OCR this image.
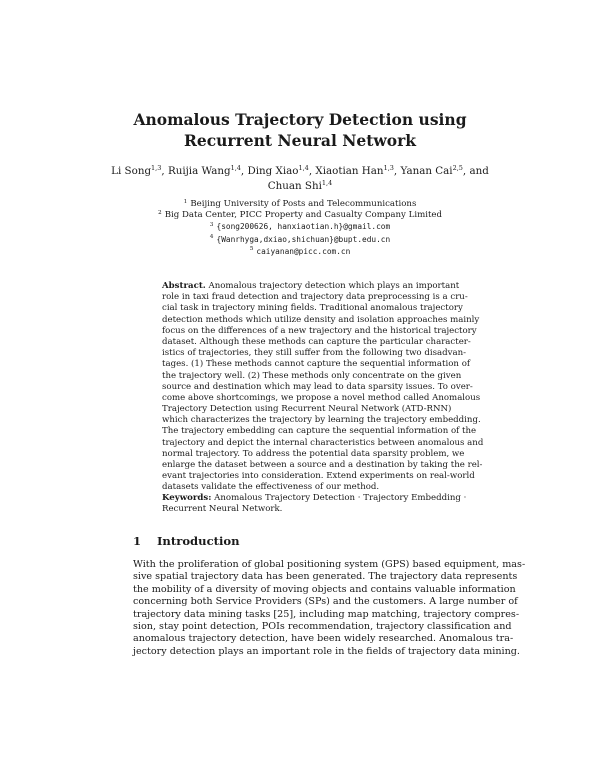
Anomalous Trajectory Detection using
Recurrent Neural Network
Li Song$^{1,3}$, Ruijia Wang$^{1,4}$, Ding Xiao$^{1,4}$, Xiaotian Han$^{1,3}$, Yanan Cai$^{2,5}$, and
Chuan Shi$^{1,4}$
$^1$ Beijing University of Posts and Telecommunications
$^2$ Big Data Center, PICC Property and Casualty Company Limited
$^3$ {song200626, hanxiaotian.h}@gmail.com
$^4$ {Wanrhyga,dxiao,shichuan}@bupt.edu.cn
$^5$ caiyanan@picc.com.cn
Abstract. Anomalous trajectory detection which plays an important
role in taxi fraud detection and trajectory data preprocessing is a cru-
cial task in trajectory mining fields. Traditional anomalous trajectory
detection methods which utilize density and isolation approaches mainly
focus on the differences of a new trajectory and the historical trajectory
dataset. Although these methods can capture the particular character-
istics of trajectories, they still suffer from the following two disadvan-
tages. (1) These methods cannot capture the sequential information of
the trajectory well. (2) These methods only concentrate on the given
source and destination which may lead to data sparsity issues. To over-
come above shortcomings, we propose a novel method called Anomalous
Trajectory Detection using Recurrent Neural Network (ATD-RNN)
which characterizes the trajectory by learning the trajectory embedding.
The trajectory embedding can capture the sequential information of the
trajectory and depict the internal characteristics between anomalous and
normal trajectory. To address the potential data sparsity problem, we
enlarge the dataset between a source and a destination by taking the rel-
evant trajectories into consideration. Extend experiments on real-world
datasets validate the effectiveness of our method.
Keywords: Anomalous Trajectory Detection · Trajectory Embedding ·
Recurrent Neural Network.
1 Introduction
With the proliferation of global positioning system (GPS) based equipment, mas-
sive spatial trajectory data has been generated. The trajectory data represents
the mobility of a diversity of moving objects and contains valuable information
concerning both Service Providers (SPs) and the customers. A large number of
trajectory data mining tasks [25], including map matching, trajectory compres-
sion, stay point detection, POIs recommendation, trajectory classification and
anomalous trajectory detection, have been widely researched. Anomalous tra-
jectory detection plays an important role in the fields of trajectory data mining.
